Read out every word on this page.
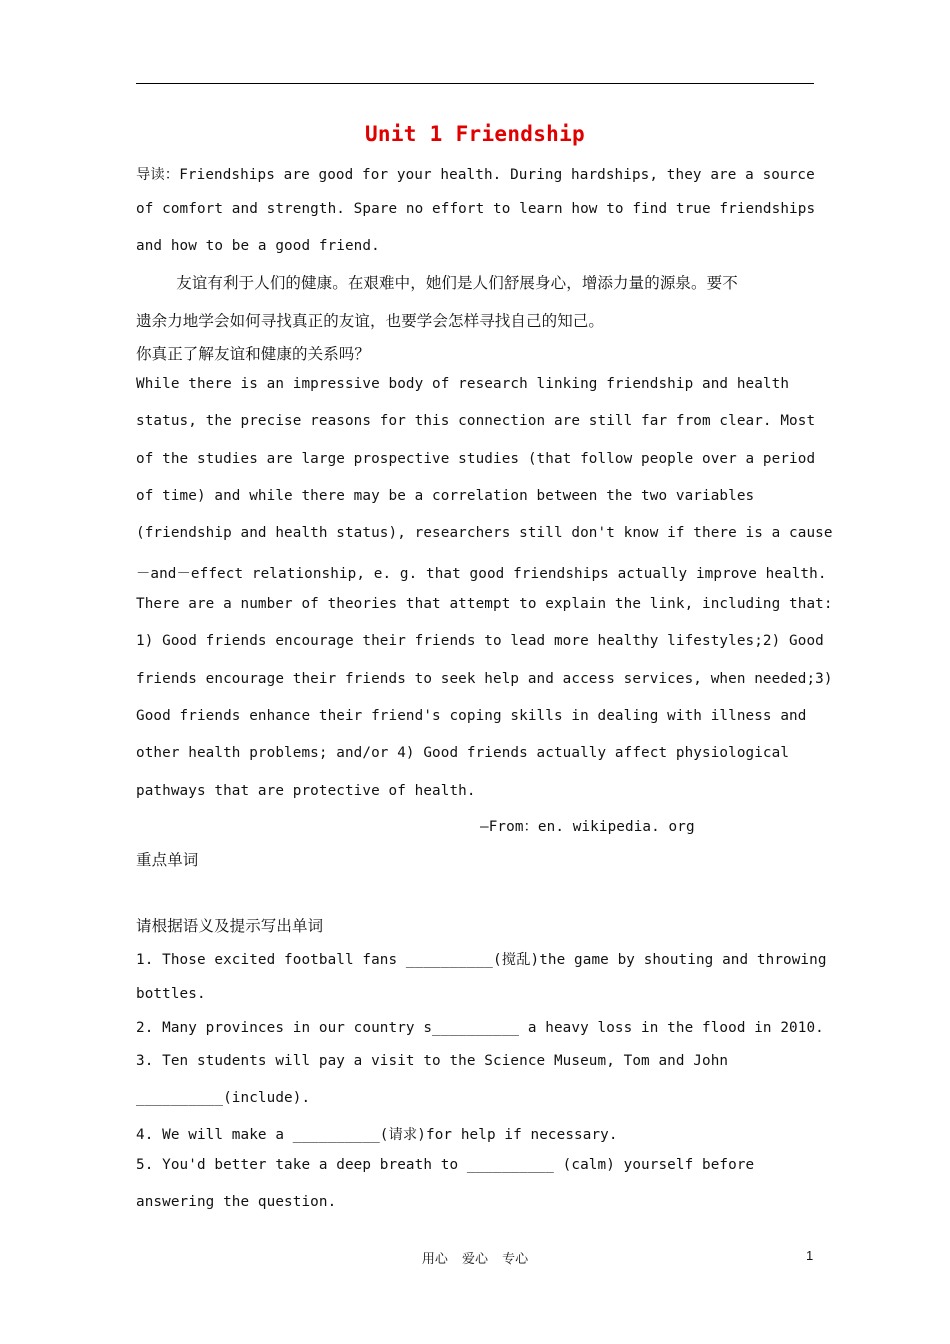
Unit 1 Friendship
导读：Friendships are good for your health. During hardships, they are a source
of comfort and strength. Spare no effort to learn how to find true friendships
and how to be a good friend.
友谊有利于人们的健康。在艰难中，她们是人们舒展身心，增添力量的源泉。要不
遗余力地学会如何寻找真正的友谊，也要学会怎样寻找自己的知己。
你真正了解友谊和健康的关系吗？
While there is an impressive body of research linking friendship and health
status, the precise reasons for this connection are still far from clear. Most
of the studies are large prospective studies (that follow people over a period
of time) and while there may be a correlation between the two variables
(friendship and health status), researchers still don't know if there is a cause
－and－effect relationship, e. g. that good friendships actually improve health.
There are a number of theories that attempt to explain the link, including that:
1) Good friends encourage their friends to lead more healthy lifestyles;2) Good
friends encourage their friends to seek help and access services, when needed;3)
Good friends enhance their friend's coping skills in dealing with illness and
other health problems; and/or 4) Good friends actually affect physiological
pathways that are protective of health.
—From：en. wikipedia. org
重点单词
请根据语义及提示写出单词
1. Those excited football fans __________(搅乱)the game by shouting and throwing
bottles.
2. Many provinces in our country s__________ a heavy loss in the flood in 2010.
3. Ten students will pay a visit to the Science Museum, Tom and John
__________(include).
4. We will make a __________(请求)for help if necessary.
5. You'd better take a deep breath to __________ (calm) yourself before
answering the question.
用心 爱心 专心	1
